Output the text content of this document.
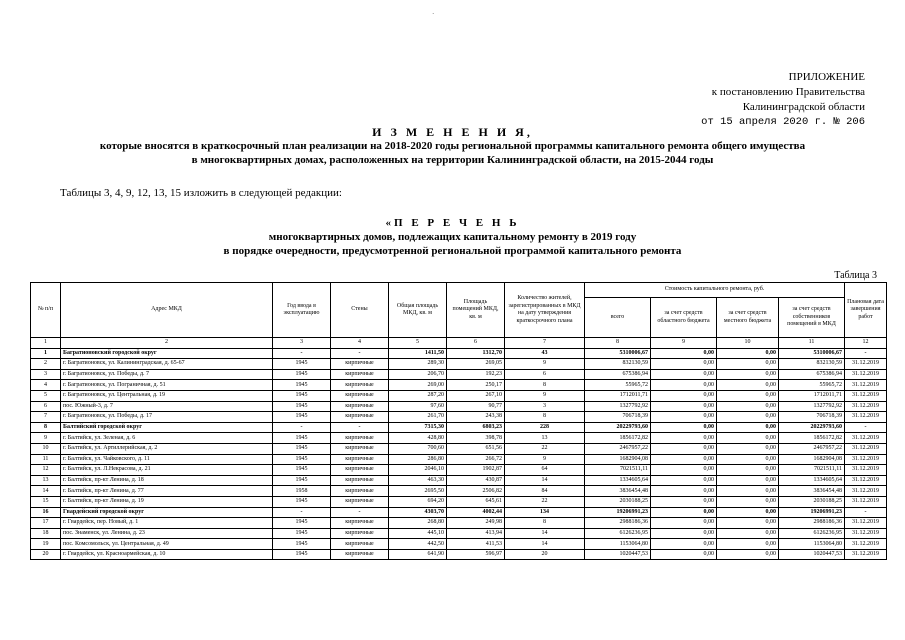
·
ПРИЛОЖЕНИЕ
к постановлению Правительства
Калининградской области
от 15 апреля 2020 г. № 206
И З М Е Н Е Н И Я,
которые вносятся в краткосрочный план реализации на 2018-2020 годы региональной программы капитального ремонта общего имущества
в многоквартирных домах, расположенных на территории Калининградской области, на 2015-2044 годы
Таблицы 3, 4, 9, 12, 13, 15 изложить в следующей редакции:
«П Е Р Е Ч Е Н Ь
многоквартирных домов, подлежащих капитальному ремонту в 2019 году
в порядке очередности, предусмотренной региональной программой капитального ремонта
Таблица 3
№ п/п	Адрес МКД	Год ввода в эксплуатацию	Стены	Общая площадь МКД, кв. м	Площадь помещений МКД, кв. м	Количество жителей, зарегистрированных в МКД на дату утверждения краткосрочного плана	Стоимость капитального ремонта, руб.				Плановая дата завершения работ
							всего	за счет средств областного бюджета	за счет средств местного бюджета	за счет средств собственников помещений в МКД	
1	2	3	4	5	6	7	8	9	10	11	12
1	Багратионовский городской округ	-	-	1411,50	1312,70	43	5310006,67	0,00	0,00	5310006,67	-
2	г. Багратионовск, ул. Калининградская, д. 65-67	1945	кирпичные	289,30	269,05	9	832130,59	0,00	0,00	832130,59	31.12.2019
3	г. Багратионовск, ул. Победы, д. 7	1945	кирпичные	206,70	192,23	6	675386,94	0,00	0,00	675386,94	31.12.2019
4	г. Багратионовск, ул. Пограничная, д. 51	1945	кирпичные	269,00	250,17	8	55965,72	0,00	0,00	55965,72	31.12.2019
5	г. Багратионовск, ул. Центральная, д. 19	1945	кирпичные	287,20	267,10	9	1712011,71	0,00	0,00	1712011,71	31.12.2019
6	пос. Южный-3, д. 7	1945	кирпичные	97,60	90,77	3	1327792,92	0,00	0,00	1327792,92	31.12.2019
7	г. Багратионовск, ул. Победы, д. 17	1945	кирпичные	261,70	243,38	8	706718,39	0,00	0,00	706718,39	31.12.2019
8	Балтийский городской округ	-	-	7315,30	6803,23	228	20229793,60	0,00	0,00	20229793,60	-
9	г. Балтийск, ул. Зеленая, д. 6	1945	кирпичные	428,80	398,78	13	1856172,82	0,00	0,00	1856172,82	31.12.2019
10	г. Балтийск, ул. Артиллерийская, д. 2	1945	кирпичные	700,60	651,56	22	2467957,22	0,00	0,00	2467957,22	31.12.2019
11	г. Балтийск, ул. Чайковского, д. 11	1945	кирпичные	286,80	266,72	9	1682904,08	0,00	0,00	1682904,08	31.12.2019
12	г. Балтийск, ул. Л.Некрасова, д. 21	1945	кирпичные	2046,10	1902,87	64	7021511,11	0,00	0,00	7021511,11	31.12.2019
13	г. Балтийск, пр-кт Ленина, д. 18	1945	кирпичные	463,30	430,87	14	1334605,64	0,00	0,00	1334605,64	31.12.2019
14	г. Балтийск, пр-кт Ленина, д. 77	1958	кирпичные	2695,50	2506,82	84	3836454,48	0,00	0,00	3836454,48	31.12.2019
15	г. Балтийск, пр-кт Ленина, д. 19	1945	кирпичные	694,20	645,61	22	2030188,25	0,00	0,00	2030188,25	31.12.2019
16	Гвардейский городской округ	-	-	4303,70	4002,44	134	19206991,23	0,00	0,00	19206991,23	-
17	г. Гвардейск, пер. Новый, д. 1	1945	кирпичные	268,80	249,98	8	2988186,36	0,00	0,00	2988186,36	31.12.2019
18	пос. Знаменск, ул. Ленина, д. 23	1945	кирпичные	445,10	413,94	14	6126236,95	0,00	0,00	6126236,95	31.12.2019
19	пос. Комсомольск, ул. Центральная, д. 49	1945	кирпичные	442,50	411,53	14	1153064,80	0,00	0,00	1153064,80	31.12.2019
20	г. Гвардейск, ул. Красноармейская, д. 10	1945	кирпичные	641,90	596,97	20	1020447,53	0,00	0,00	1020447,53	31.12.2019
